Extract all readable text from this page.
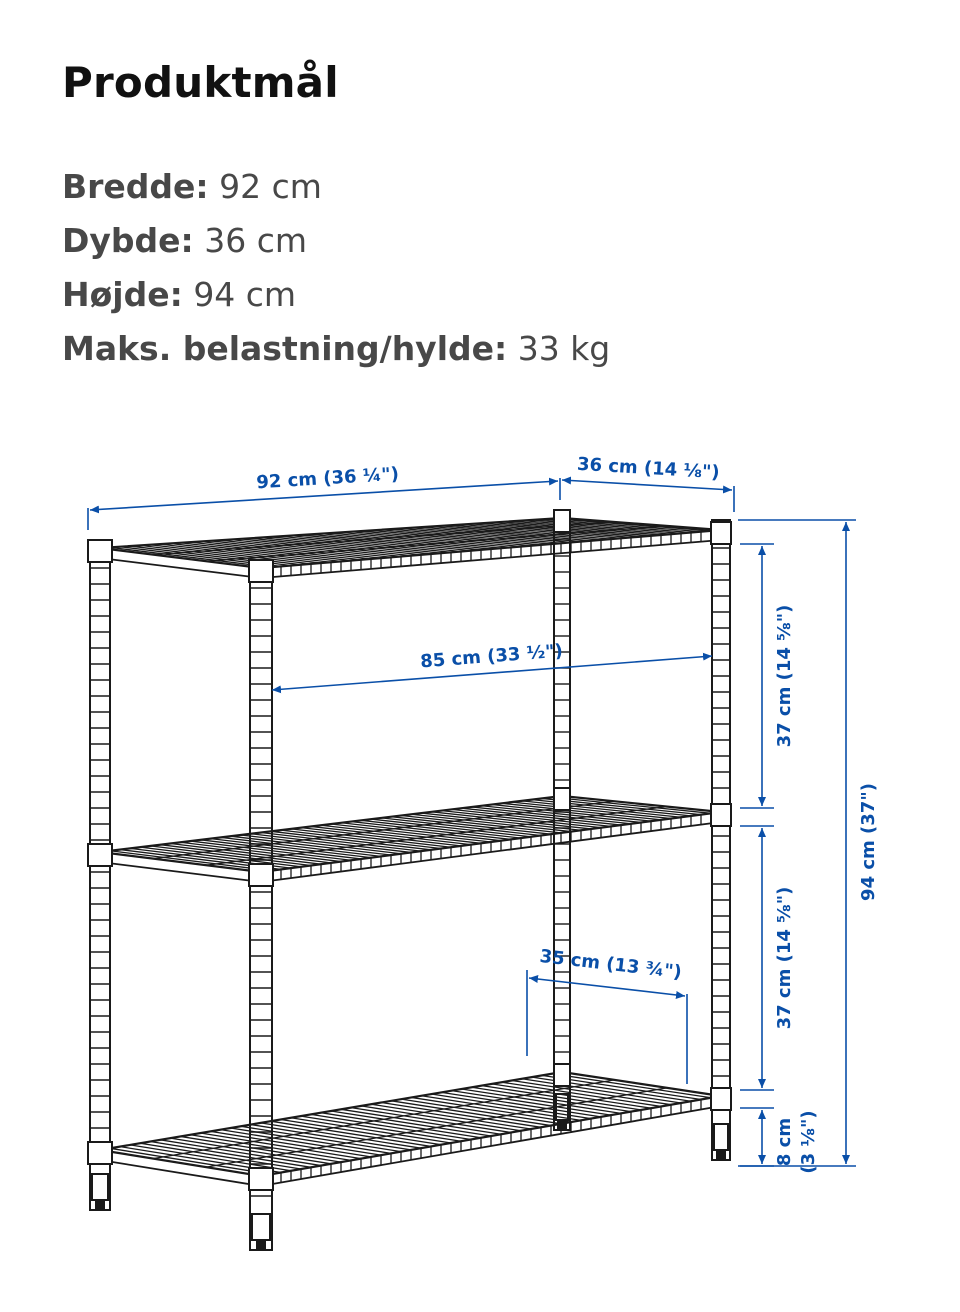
Produktmål
Bredde: 92 cm
Dybde: 36 cm
Højde: 94 cm
Maks. belastning/hylde: 33 kg
92 cm (36 ¼")	36 cm (14 ⅛")
85 cm (33 ½")	37 cm (14 ⅝")
37 cm (14 ⅝")
94 cm (37")
35 cm (13 ¾")
8 cm (3 ⅛")
